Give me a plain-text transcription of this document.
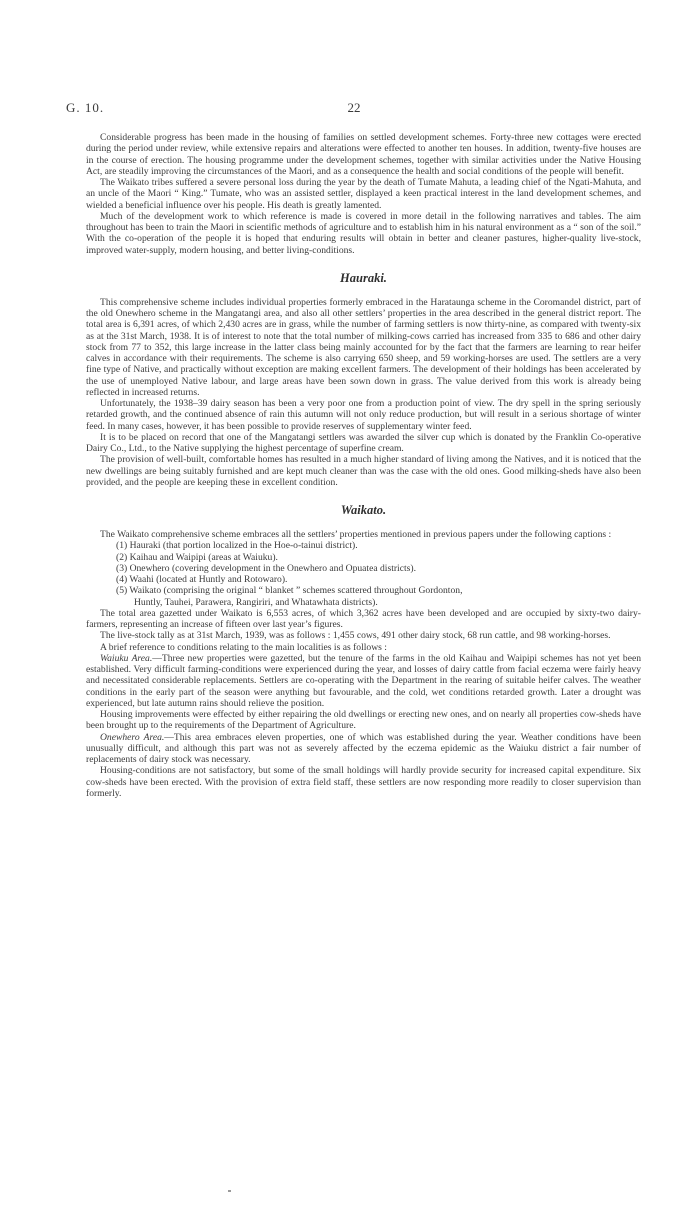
G. 10.	22

Considerable progress has been made in the housing of families on settled development schemes. Forty-three new cottages were erected during the period under review, while extensive repairs and alterations were effected to another ten houses. In addition, twenty-five houses are in the course of erection. The housing programme under the development schemes, together with similar activities under the Native Housing Act, are steadily improving the circumstances of the Maori, and as a consequence the health and social conditions of the people will benefit.

The Waikato tribes suffered a severe personal loss during the year by the death of Tumate Mahuta, a leading chief of the Ngati-Mahuta, and an uncle of the Maori “ King.” Tumate, who was an assisted settler, displayed a keen practical interest in the land development schemes, and wielded a beneficial influence over his people. His death is greatly lamented.

Much of the development work to which reference is made is covered in more detail in the following narratives and tables. The aim throughout has been to train the Maori in scientific methods of agriculture and to establish him in his natural environment as a “ son of the soil.” With the co-operation of the people it is hoped that enduring results will obtain in better and cleaner pastures, higher-quality live-stock, improved water-supply, modern housing, and better living-conditions.

Hauraki.

This comprehensive scheme includes individual properties formerly embraced in the Harataunga scheme in the Coromandel district, part of the old Onewhero scheme in the Mangatangi area, and also all other settlers’ properties in the area described in the general district report. The total area is 6,391 acres, of which 2,430 acres are in grass, while the number of farming settlers is now thirty-nine, as compared with twenty-six as at the 31st March, 1938. It is of interest to note that the total number of milking-cows carried has increased from 335 to 686 and other dairy stock from 77 to 352, this large increase in the latter class being mainly accounted for by the fact that the farmers are learning to rear heifer calves in accordance with their requirements. The scheme is also carrying 650 sheep, and 59 working-horses are used. The settlers are a very fine type of Native, and practically without exception are making excellent farmers. The development of their holdings has been accelerated by the use of unemployed Native labour, and large areas have been sown down in grass. The value derived from this work is already being reflected in increased returns.

Unfortunately, the 1938–39 dairy season has been a very poor one from a production point of view. The dry spell in the spring seriously retarded growth, and the continued absence of rain this autumn will not only reduce production, but will result in a serious shortage of winter feed. In many cases, however, it has been possible to provide reserves of supplementary winter feed.

It is to be placed on record that one of the Mangatangi settlers was awarded the silver cup which is donated by the Franklin Co-operative Dairy Co., Ltd., to the Native supplying the highest percentage of superfine cream.

The provision of well-built, comfortable homes has resulted in a much higher standard of living among the Natives, and it is noticed that the new dwellings are being suitably furnished and are kept much cleaner than was the case with the old ones. Good milking-sheds have also been provided, and the people are keeping these in excellent condition.

Waikato.

The Waikato comprehensive scheme embraces all the settlers’ properties mentioned in previous papers under the following captions :

(1) Hauraki (that portion localized in the Hoe-o-tainui district).
(2) Kaihau and Waipipi (areas at Waiuku).
(3) Onewhero (covering development in the Onewhero and Opuatea districts).
(4) Waahi (located at Huntly and Rotowaro).
(5) Waikato (comprising the original “ blanket ” schemes scattered throughout Gordonton,
Huntly, Tauhei, Parawera, Rangiriri, and Whatawhata districts).

The total area gazetted under Waikato is 6,553 acres, of which 3,362 acres have been developed and are occupied by sixty-two dairy-farmers, representing an increase of fifteen over last year’s figures.

The live-stock tally as at 31st March, 1939, was as follows : 1,455 cows, 491 other dairy stock, 68 run cattle, and 98 working-horses.

A brief reference to conditions relating to the main localities is as follows :

Waiuku Area.—Three new properties were gazetted, but the tenure of the farms in the old Kaihau and Waipipi schemes has not yet been established. Very difficult farming-conditions were experienced during the year, and losses of dairy cattle from facial eczema were fairly heavy and necessitated considerable replacements. Settlers are co-operating with the Department in the rearing of suitable heifer calves. The weather conditions in the early part of the season were anything but favourable, and the cold, wet conditions retarded growth. Later a drought was experienced, but late autumn rains should relieve the position.

Housing improvements were effected by either repairing the old dwellings or erecting new ones, and on nearly all properties cow-sheds have been brought up to the requirements of the Department of Agriculture.

Onewhero Area.—This area embraces eleven properties, one of which was established during the year. Weather conditions have been unusually difficult, and although this part was not as severely affected by the eczema epidemic as the Waiuku district a fair number of replacements of dairy stock was necessary.

Housing-conditions are not satisfactory, but some of the small holdings will hardly provide security for increased capital expenditure. Six cow-sheds have been erected. With the provision of extra field staff, these settlers are now responding more readily to closer supervision than formerly.
